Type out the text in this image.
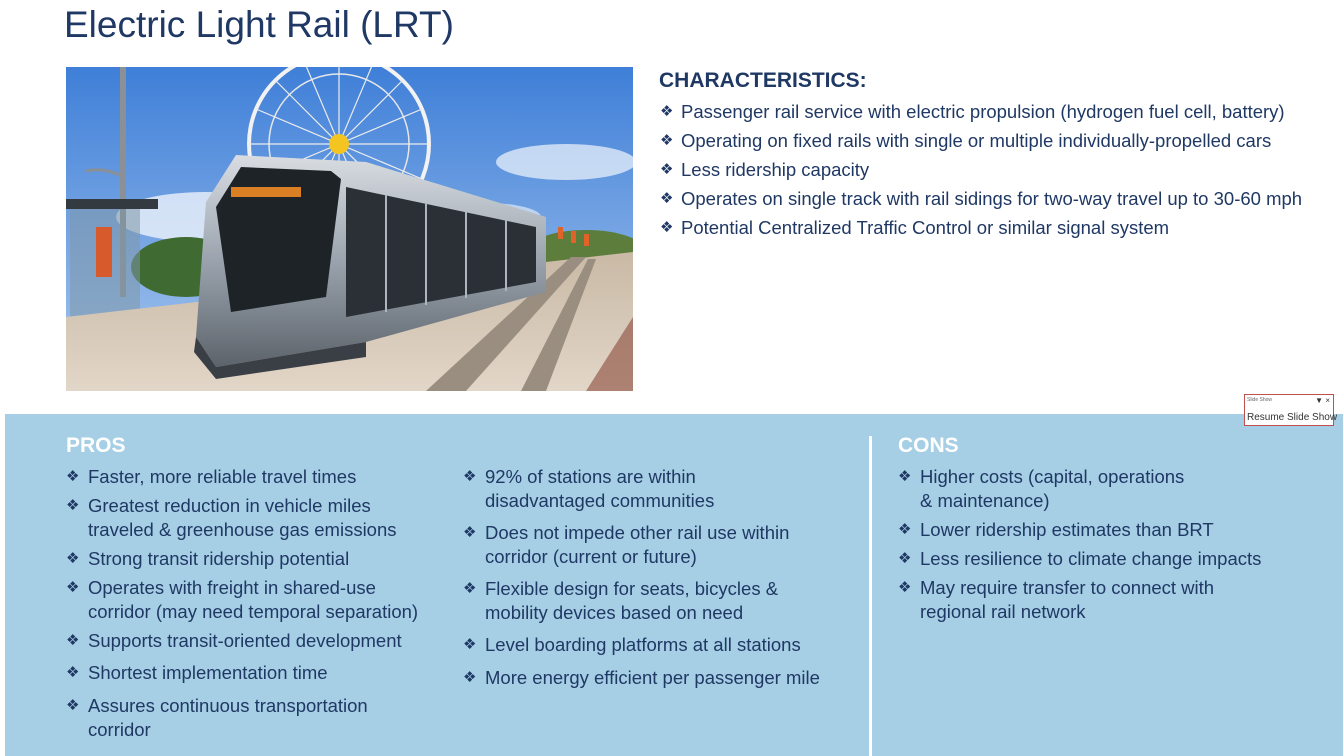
Electric Light Rail (LRT)
CHARACTERISTICS:
❖ Passenger rail service with electric propulsion (hydrogen fuel cell, battery)
❖ Operating on fixed rails with single or multiple individually-propelled cars
❖ Less ridership capacity
❖ Operates on single track with rail sidings for two-way travel up to 30-60 mph
❖ Potential Centralized Traffic Control or similar signal system
PROS	CONS
❖ Faster, more reliable travel times
❖ Greatest reduction in vehicle miles
traveled & greenhouse gas emissions
❖ Strong transit ridership potential
❖ Operates with freight in shared-use
corridor (may need temporal separation)
❖ Supports transit-oriented development
❖ Shortest implementation time
❖ Assures continuous transportation
corridor
❖ 92% of stations are within
disadvantaged communities
❖ Does not impede other rail use within
corridor (current or future)
❖ Flexible design for seats, bicycles &
mobility devices based on need
❖ Level boarding platforms at all stations
❖ More energy efficient per passenger mile
❖ Higher costs (capital, operations
& maintenance)
❖ Lower ridership estimates than BRT
❖ Less resilience to climate change impacts
❖ May require transfer to connect with
regional rail network
Slide Show	▼ ×
Resume Slide Show
